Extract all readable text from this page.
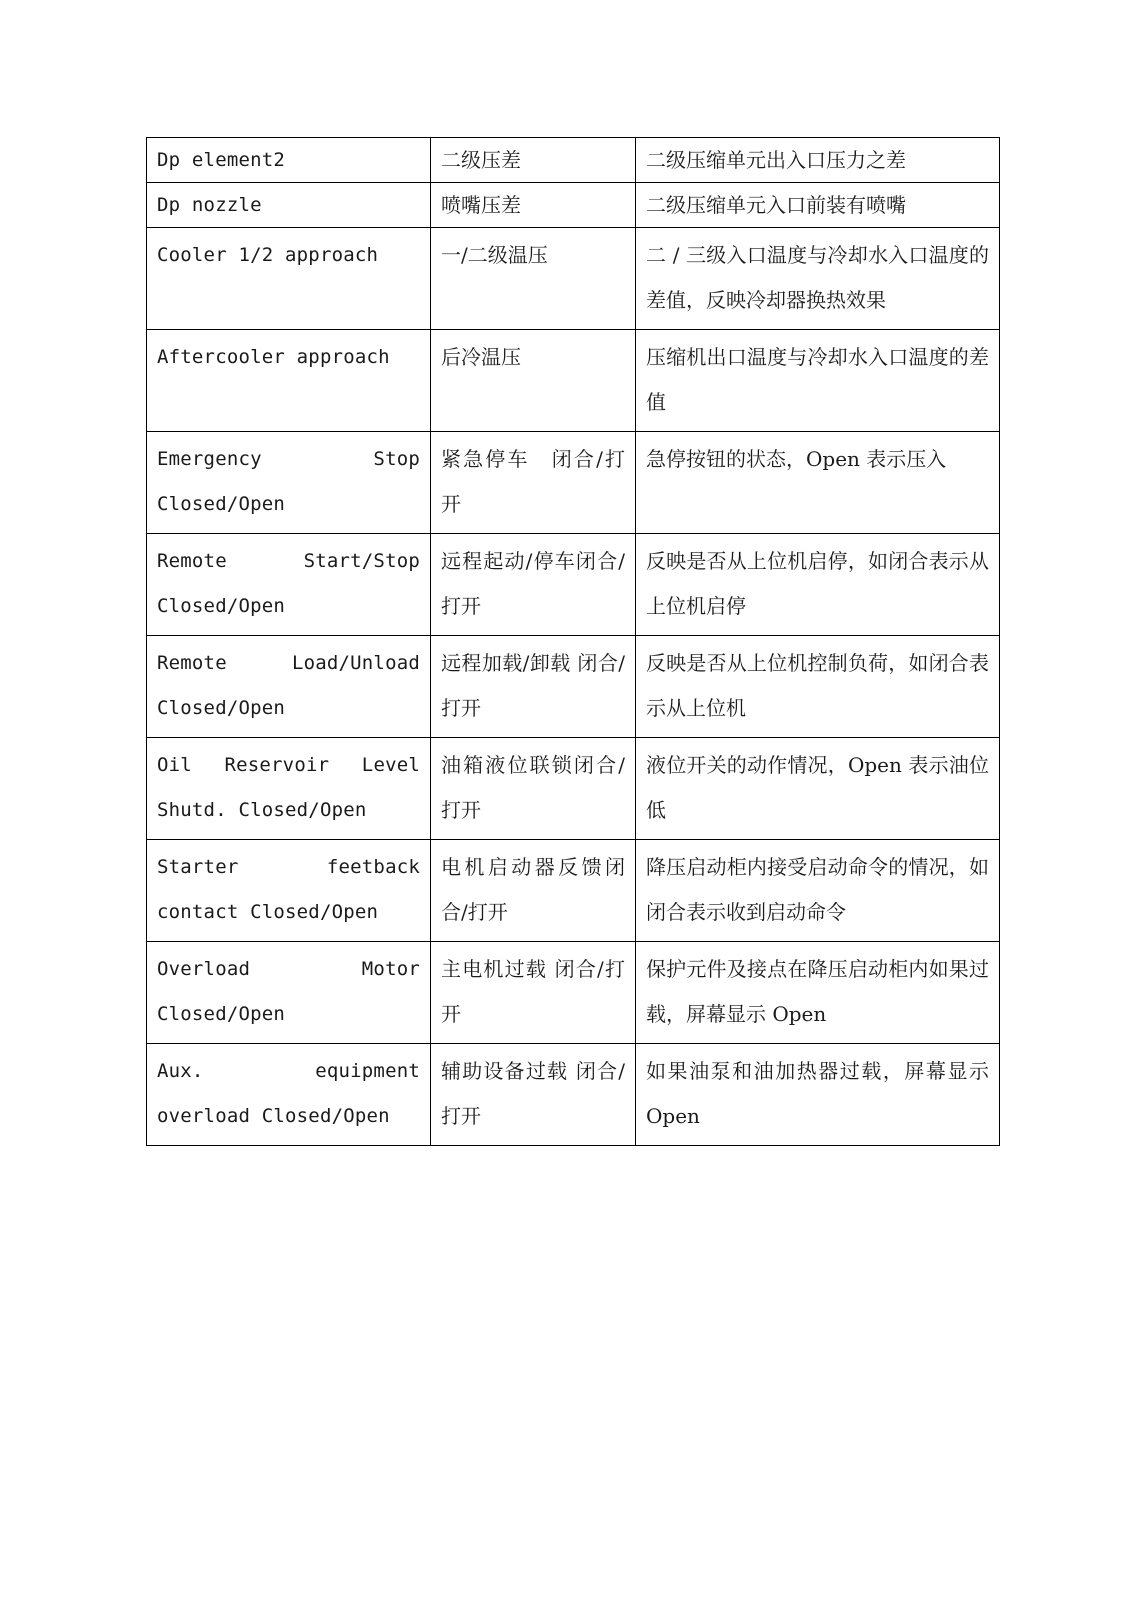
Dp element2	二级压差	二级压缩单元出入口压力之差
Dp nozzle	喷嘴压差	二级压缩单元入口前装有喷嘴
Cooler 1/2 approach	一/二级温压	二 / 三级入口温度与冷却水入口温度的差值，反映冷却器换热效果
Aftercooler approach	后冷温压	压缩机出口温度与冷却水入口温度的差值
Emergency Stop Closed/Open	紧急停车　闭合/打开	急停按钮的状态，Open 表示压入
Remote Start/Stop Closed/Open	远程起动/停车闭合/打开	反映是否从上位机启停，如闭合表示从上位机启停
Remote Load/Unload Closed/Open	远程加载/卸载 闭合/打开	反映是否从上位机控制负荷，如闭合表示从上位机
Oil Reservoir Level Shutd. Closed/Open	油箱液位联锁闭合/打开	液位开关的动作情况，Open 表示油位低
Starter feetback contact Closed/Open	电机启动器反馈闭合/打开	降压启动柜内接受启动命令的情况，如闭合表示收到启动命令
Overload Motor Closed/Open	主电机过载 闭合/打开	保护元件及接点在降压启动柜内如果过载，屏幕显示 Open
Aux. equipment overload Closed/Open	辅助设备过载 闭合/打开	如果油泵和油加热器过载，屏幕显示 Open
